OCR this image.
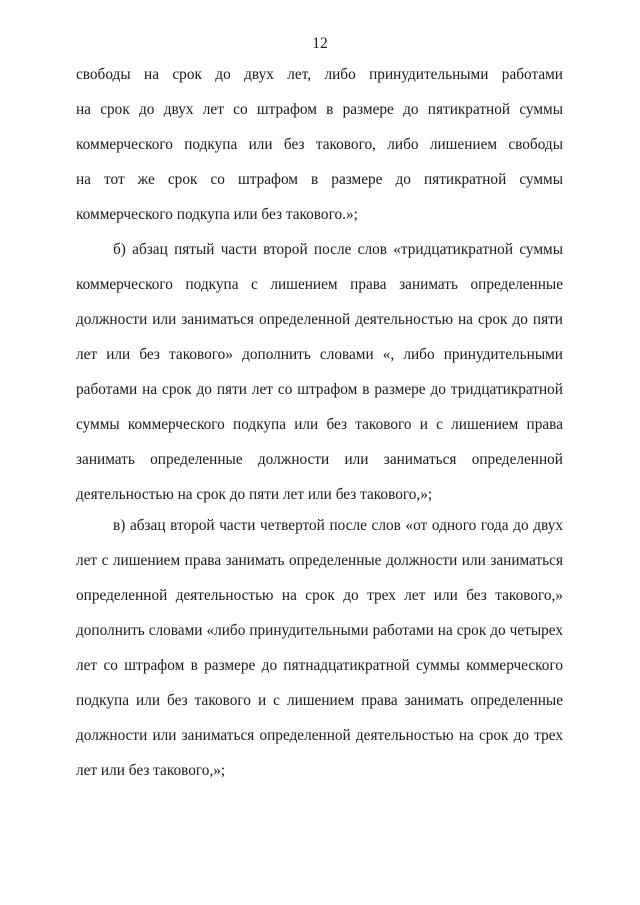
12
свободы на срок до двух лет, либо принудительными работами
на срок до двух лет со штрафом в размере до пятикратной суммы
коммерческого подкупа или без такового, либо лишением свободы
на тот же срок со штрафом в размере до пятикратной суммы
коммерческого подкупа или без такового.»;
б) абзац пятый части второй после слов «тридцатикратной суммы
коммерческого подкупа с лишением права занимать определенные
должности или заниматься определенной деятельностью на срок до пяти
лет или без такового» дополнить словами «, либо принудительными
работами на срок до пяти лет со штрафом в размере до тридцатикратной
суммы коммерческого подкупа или без такового и с лишением права
занимать определенные должности или заниматься определенной
деятельностью на срок до пяти лет или без такового,»;
в) абзац второй части четвертой после слов «от одного года до двух
лет с лишением права занимать определенные должности или заниматься
определенной деятельностью на срок до трех лет или без такового,»
дополнить словами «либо принудительными работами на срок до четырех
лет со штрафом в размере до пятнадцатикратной суммы коммерческого
подкупа или без такового и с лишением права занимать определенные
должности или заниматься определенной деятельностью на срок до трех
лет или без такового,»;
